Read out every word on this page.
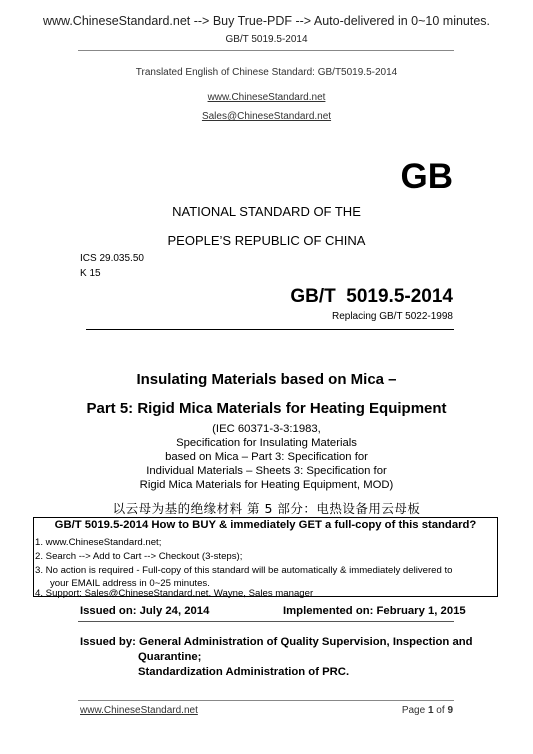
www.ChineseStandard.net --> Buy True-PDF --> Auto-delivered in 0~10 minutes.
GB/T 5019.5-2014
Translated English of Chinese Standard: GB/T5019.5-2014
www.ChineseStandard.net
Sales@ChineseStandard.net
GB
NATIONAL STANDARD OF THE
PEOPLE’S REPUBLIC OF CHINA
ICS 29.035.50
K 15
GB/T  5019.5-2014
Replacing GB/T 5022-1998
Insulating Materials based on Mica –
Part 5: Rigid Mica Materials for Heating Equipment
(IEC 60371-3-3:1983,
Specification for Insulating Materials
based on Mica – Part 3: Specification for
Individual Materials – Sheets 3: Specification for
Rigid Mica Materials for Heating Equipment, MOD)
以云母为基的绝缘材料 第 5 部分：电热设备用云母板
GB/T 5019.5-2014 How to BUY & immediately GET a full-copy of this standard?
1. www.ChineseStandard.net;
2. Search --> Add to Cart --> Checkout (3-steps);
3. No action is required - Full-copy of this standard will be automatically & immediately delivered to
your EMAIL address in 0~25 minutes.
4. Support: Sales@ChineseStandard.net. Wayne, Sales manager
Issued on: July 24, 2014	Implemented on: February 1, 2015
Issued by: General Administration of Quality Supervision, Inspection and
Quarantine;
Standardization Administration of PRC.
www.ChineseStandard.net	Page 1 of 9
